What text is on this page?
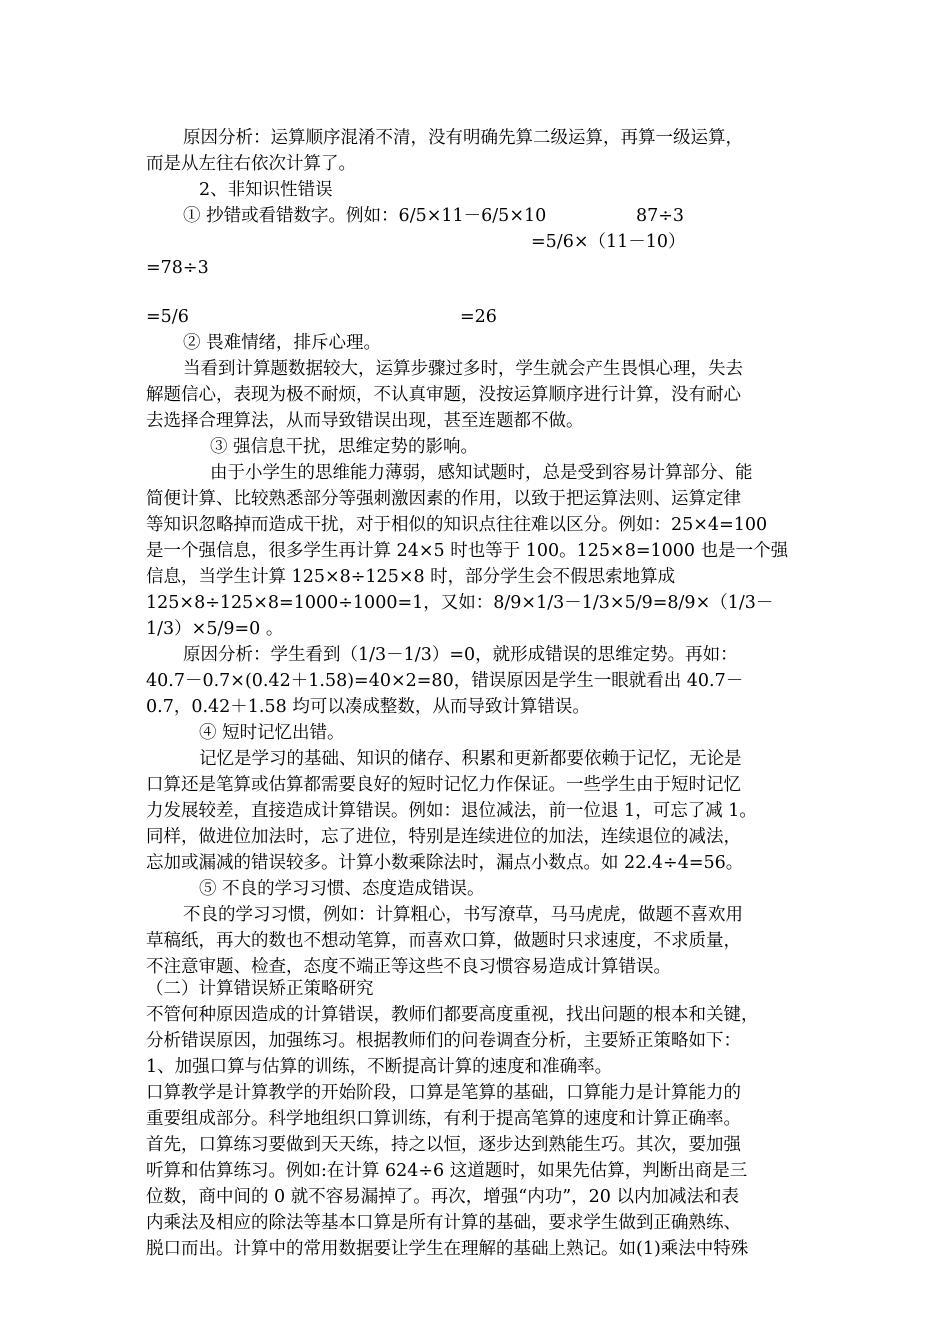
原因分析：运算顺序混淆不清，没有明确先算二级运算，再算一级运算，
而是从左往右依次计算了。
2、非知识性错误
① 抄错或看错数字。例如：6/5×11－6/5×10	87÷3
=5/6×（11－10）
=78÷3
=5/6	=26
② 畏难情绪，排斥心理。
当看到计算题数据较大，运算步骤过多时，学生就会产生畏惧心理，失去
解题信心，表现为极不耐烦，不认真审题，没按运算顺序进行计算，没有耐心
去选择合理算法，从而导致错误出现，甚至连题都不做。
③ 强信息干扰，思维定势的影响。
由于小学生的思维能力薄弱，感知试题时，总是受到容易计算部分、能
简便计算、比较熟悉部分等强刺激因素的作用，以致于把运算法则、运算定律
等知识忽略掉而造成干扰，对于相似的知识点往往难以区分。例如：25×4=100
是一个强信息，很多学生再计算 24×5 时也等于 100。125×8=1000 也是一个强
信息，当学生计算 125×8÷125×8 时，部分学生会不假思索地算成
125×8÷125×8=1000÷1000=1，又如：8/9×1/3－1/3×5/9=8/9×（1/3－
1/3）×5/9=0 。
原因分析：学生看到（1/3－1/3）=0，就形成错误的思维定势。再如：
40.7－0.7×(0.42＋1.58)=40×2=80，错误原因是学生一眼就看出 40.7－
0.7，0.42＋1.58 均可以凑成整数，从而导致计算错误。
④ 短时记忆出错。
记忆是学习的基础、知识的储存、积累和更新都要依赖于记忆，无论是
口算还是笔算或估算都需要良好的短时记忆力作保证。一些学生由于短时记忆
力发展较差，直接造成计算错误。例如：退位减法，前一位退 1，可忘了减 1。
同样，做进位加法时，忘了进位，特别是连续进位的加法，连续退位的减法，
忘加或漏减的错误较多。计算小数乘除法时，漏点小数点。如 22.4÷4=56。
⑤ 不良的学习习惯、态度造成错误。
不良的学习习惯，例如：计算粗心，书写潦草，马马虎虎，做题不喜欢用
草稿纸，再大的数也不想动笔算，而喜欢口算，做题时只求速度，不求质量，
不注意审题、检查，态度不端正等这些不良习惯容易造成计算错误。
（二）计算错误矫正策略研究
不管何种原因造成的计算错误，教师们都要高度重视，找出问题的根本和关键，
分析错误原因，加强练习。根据教师们的问卷调查分析，主要矫正策略如下：
1、加强口算与估算的训练，不断提高计算的速度和准确率。
口算教学是计算教学的开始阶段，口算是笔算的基础，口算能力是计算能力的
重要组成部分。科学地组织口算训练，有利于提高笔算的速度和计算正确率。
首先，口算练习要做到天天练，持之以恒，逐步达到熟能生巧。其次，要加强
听算和估算练习。例如:在计算 624÷6 这道题时，如果先估算，判断出商是三
位数，商中间的 0 就不容易漏掉了。再次，增强“内功”，20 以内加减法和表
内乘法及相应的除法等基本口算是所有计算的基础，要求学生做到正确熟练、
脱口而出。计算中的常用数据要让学生在理解的基础上熟记。如(1)乘法中特殊
